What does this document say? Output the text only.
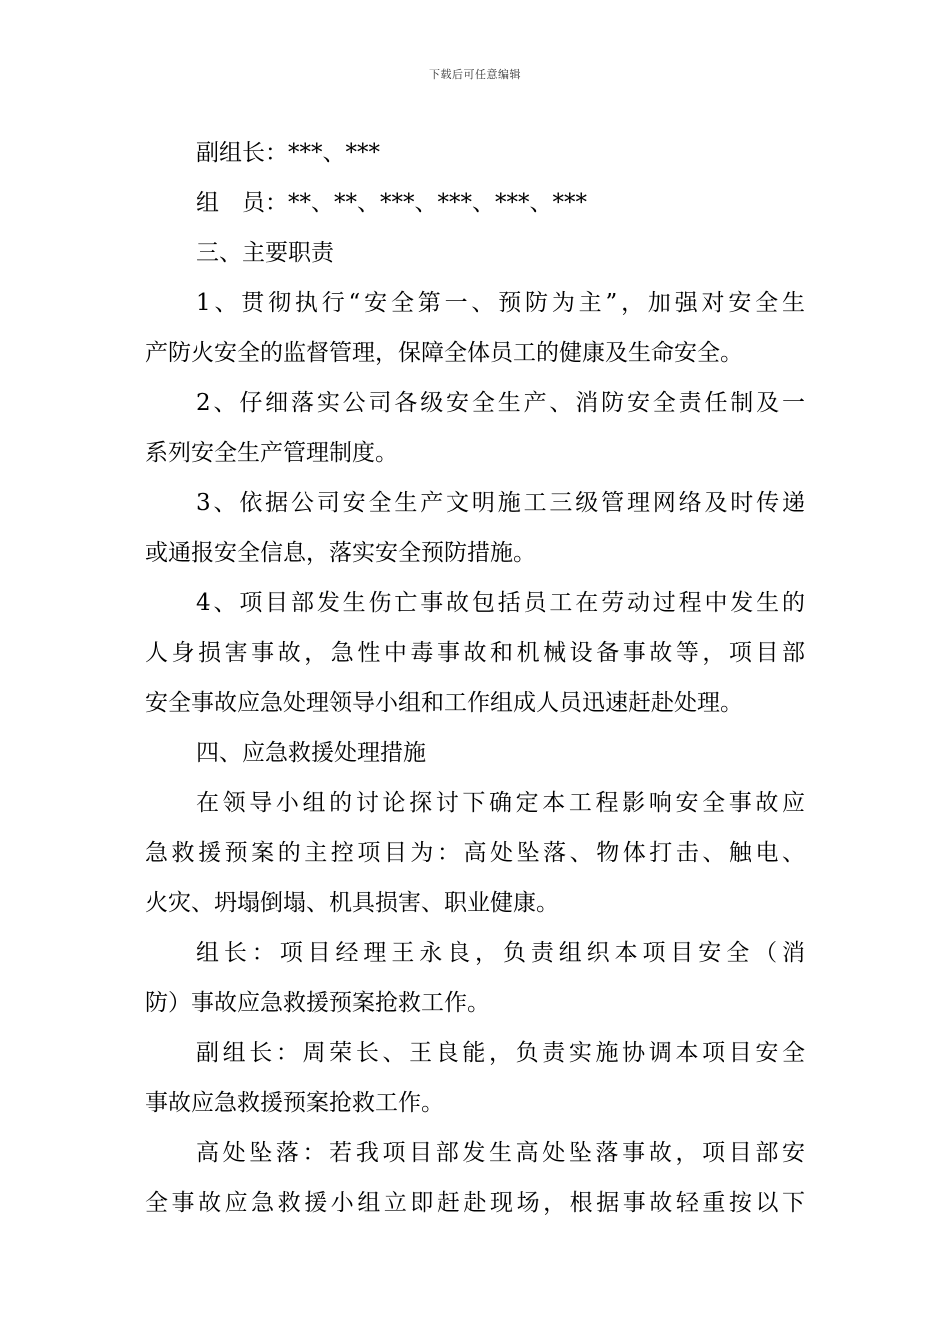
下载后可任意编辑
副组长：***、***
组　员：**、**、***、***、***、***
三、主要职责
1、贯彻执行“安全第一、预防为主”，加强对安全生
产防火安全的监督管理，保障全体员工的健康及生命安全。
2、仔细落实公司各级安全生产、消防安全责任制及一
系列安全生产管理制度。
3、依据公司安全生产文明施工三级管理网络及时传递
或通报安全信息，落实安全预防措施。
4、项目部发生伤亡事故包括员工在劳动过程中发生的
人身损害事故，急性中毒事故和机械设备事故等，项目部
安全事故应急处理领导小组和工作组成人员迅速赶赴处理。
四、应急救援处理措施
在领导小组的讨论探讨下确定本工程影响安全事故应
急救援预案的主控项目为：高处坠落、物体打击、触电、
火灾、坍塌倒塌、机具损害、职业健康。
组长：项目经理王永良，负责组织本项目安全（消
防）事故应急救援预案抢救工作。
副组长：周荣长、王良能，负责实施协调本项目安全
事故应急救援预案抢救工作。
高处坠落：若我项目部发生高处坠落事故，项目部安
全事故应急救援小组立即赶赴现场，根据事故轻重按以下
